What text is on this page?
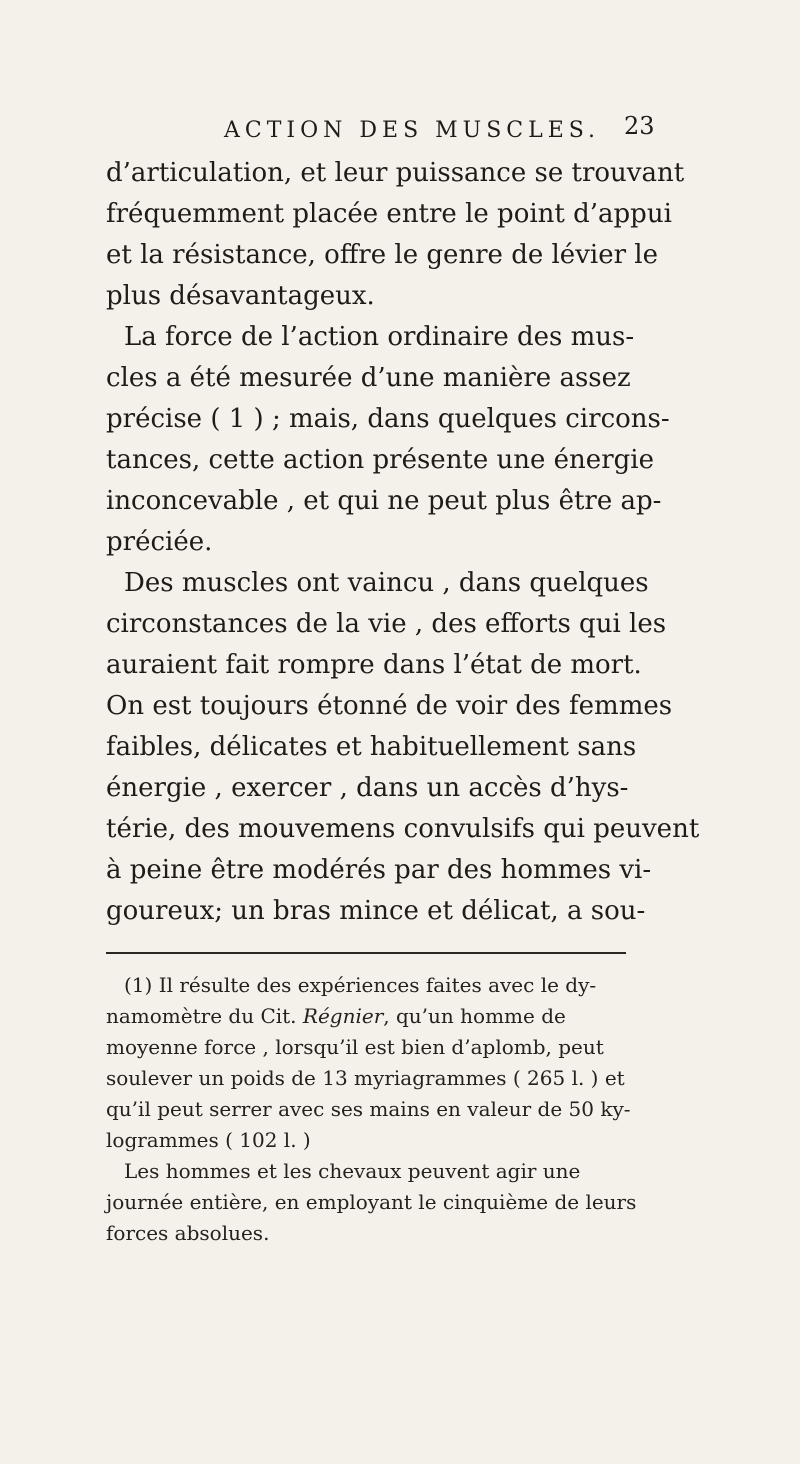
ACTION DES MUSCLES. 23
d’articulation, et leur puissance se trouvant
fréquemment placée entre le point d’appui
et la résistance, offre le genre de lévier le
plus désavantageux.
La force de l’action ordinaire des mus-
cles a été mesurée d’une manière assez
précise ( 1 ) ; mais, dans quelques circons-
tances, cette action présente une énergie
inconcevable , et qui ne peut plus être ap-
préciée.
Des muscles ont vaincu , dans quelques
circonstances de la vie , des efforts qui les
auraient fait rompre dans l’état de mort.
On est toujours étonné de voir des femmes
faibles, délicates et habituellement sans
énergie , exercer , dans un accès d’hys-
térie, des mouvemens convulsifs qui peuvent
à peine être modérés par des hommes vi-
goureux; un bras mince et délicat, a sou-
(1) Il résulte des expériences faites avec le dy-
namomètre du Cit. Régnier, qu’un homme de
moyenne force , lorsqu’il est bien d’aplomb, peut
soulever un poids de 13 myriagrammes ( 265 l. ) et
qu’il peut serrer avec ses mains en valeur de 50 ky-
logrammes ( 102 l. )
Les hommes et les chevaux peuvent agir une
journée entière, en employant le cinquième de leurs
forces absolues.
